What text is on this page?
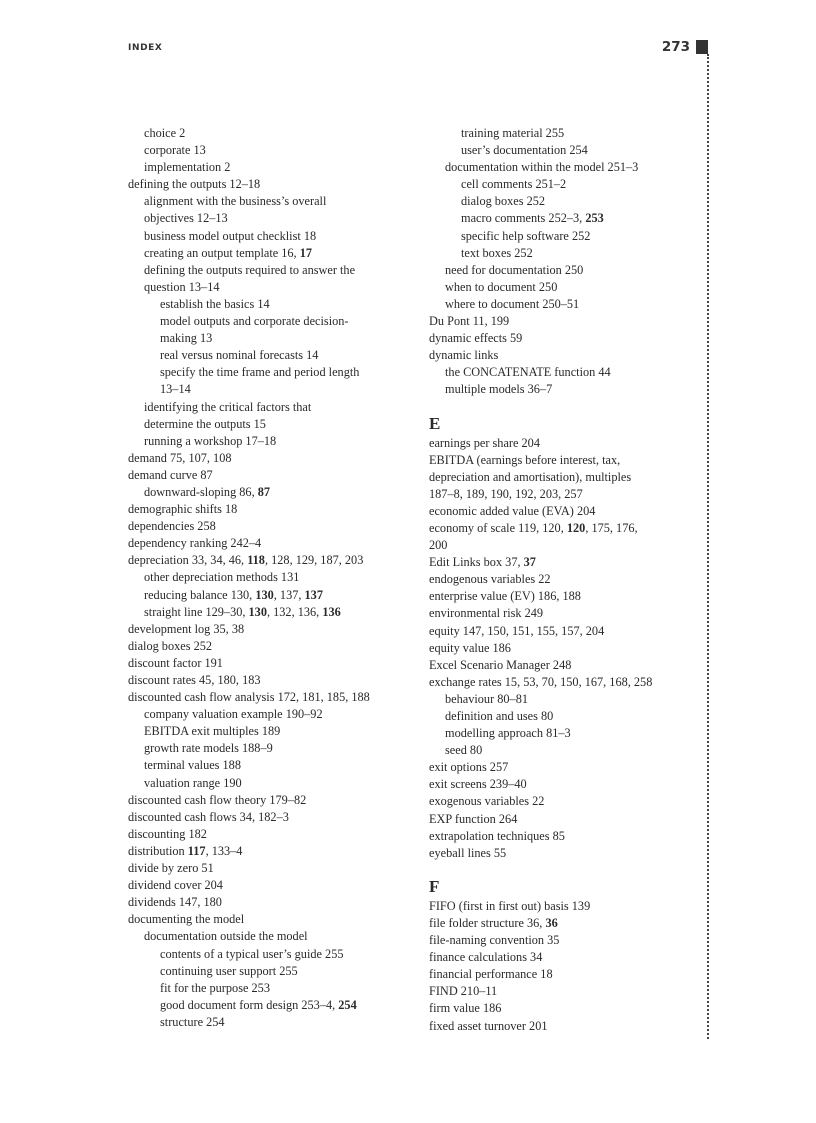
INDEX	273
choice 2
corporate 13
implementation 2
defining the outputs 12–18
alignment with the business’s overall
objectives 12–13
business model output checklist 18
creating an output template 16, 17
defining the outputs required to answer the
question 13–14
establish the basics 14
model outputs and corporate decision-
making 13
real versus nominal forecasts 14
specify the time frame and period length
13–14
identifying the critical factors that
determine the outputs 15
running a workshop 17–18
demand 75, 107, 108
demand curve 87
downward-sloping 86, 87
demographic shifts 18
dependencies 258
dependency ranking 242–4
depreciation 33, 34, 46, 118, 128, 129, 187, 203
other depreciation methods 131
reducing balance 130, 130, 137, 137
straight line 129–30, 130, 132, 136, 136
development log 35, 38
dialog boxes 252
discount factor 191
discount rates 45, 180, 183
discounted cash flow analysis 172, 181, 185, 188
company valuation example 190–92
EBITDA exit multiples 189
growth rate models 188–9
terminal values 188
valuation range 190
discounted cash flow theory 179–82
discounted cash flows 34, 182–3
discounting 182
distribution 117, 133–4
divide by zero 51
dividend cover 204
dividends 147, 180
documenting the model
documentation outside the model
contents of a typical user’s guide 255
continuing user support 255
fit for the purpose 253
good document form design 253–4, 254
structure 254
training material 255
user’s documentation 254
documentation within the model 251–3
cell comments 251–2
dialog boxes 252
macro comments 252–3, 253
specific help software 252
text boxes 252
need for documentation 250
when to document 250
where to document 250–51
Du Pont 11, 199
dynamic effects 59
dynamic links
the CONCATENATE function 44
multiple models 36–7
E
earnings per share 204
EBITDA (earnings before interest, tax,
depreciation and amortisation), multiples
187–8, 189, 190, 192, 203, 257
economic added value (EVA) 204
economy of scale 119, 120, 120, 175, 176,
200
Edit Links box 37, 37
endogenous variables 22
enterprise value (EV) 186, 188
environmental risk 249
equity 147, 150, 151, 155, 157, 204
equity value 186
Excel Scenario Manager 248
exchange rates 15, 53, 70, 150, 167, 168, 258
behaviour 80–81
definition and uses 80
modelling approach 81–3
seed 80
exit options 257
exit screens 239–40
exogenous variables 22
EXP function 264
extrapolation techniques 85
eyeball lines 55
F
FIFO (first in first out) basis 139
file folder structure 36, 36
file-naming convention 35
finance calculations 34
financial performance 18
FIND 210–11
firm value 186
fixed asset turnover 201
